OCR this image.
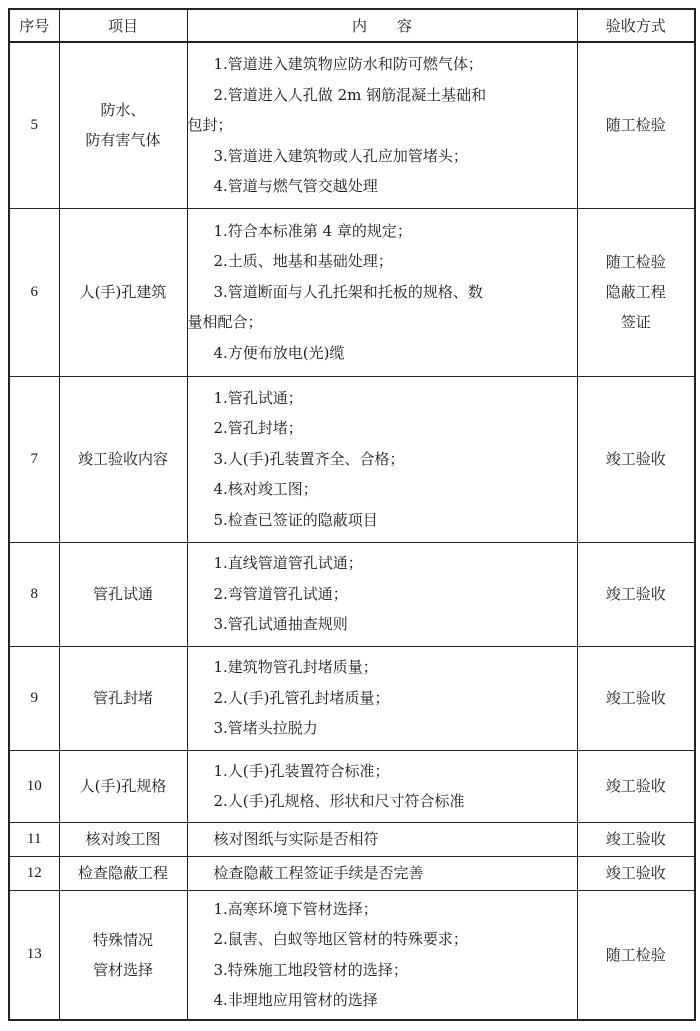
序号	项目	内　　容	验收方式
5	防水、
防有害气体	1.管道进入建筑物应防水和防可燃气体；
2.管道进入人孔做 2m 钢筋混凝土基础和
包封；
3.管道进入建筑物或人孔应加管堵头；
4.管道与燃气管交越处理	随工检验

6	人(手)孔建筑	1.符合本标准第 4 章的规定；
2.土质、地基和基础处理；
3.管道断面与人孔托架和托板的规格、数
量相配合；
4.方便布放电(光)缆	随工检验
隐蔽工程
签证

7	竣工验收内容	1.管孔试通；
2.管孔封堵；
3.人(手)孔装置齐全、合格；
4.核对竣工图；
5.检查已签证的隐蔽项目	竣工验收

8	管孔试通	1.直线管道管孔试通；
2.弯管道管孔试通；
3.管孔试通抽查规则	竣工验收

9	管孔封堵	1.建筑物管孔封堵质量；
2.人(手)孔管孔封堵质量；
3.管堵头拉脱力	竣工验收

10	人(手)孔规格	1.人(手)孔装置符合标准；
2.人(手)孔规格、形状和尺寸符合标准	竣工验收

11	核对竣工图	核对图纸与实际是否相符	竣工验收

12	检查隐蔽工程	检查隐蔽工程签证手续是否完善	竣工验收

13	特殊情况
管材选择	1.高寒环境下管材选择；
2.鼠害、白蚁等地区管材的特殊要求；
3.特殊施工地段管材的选择；
4.非埋地应用管材的选择	随工检验
